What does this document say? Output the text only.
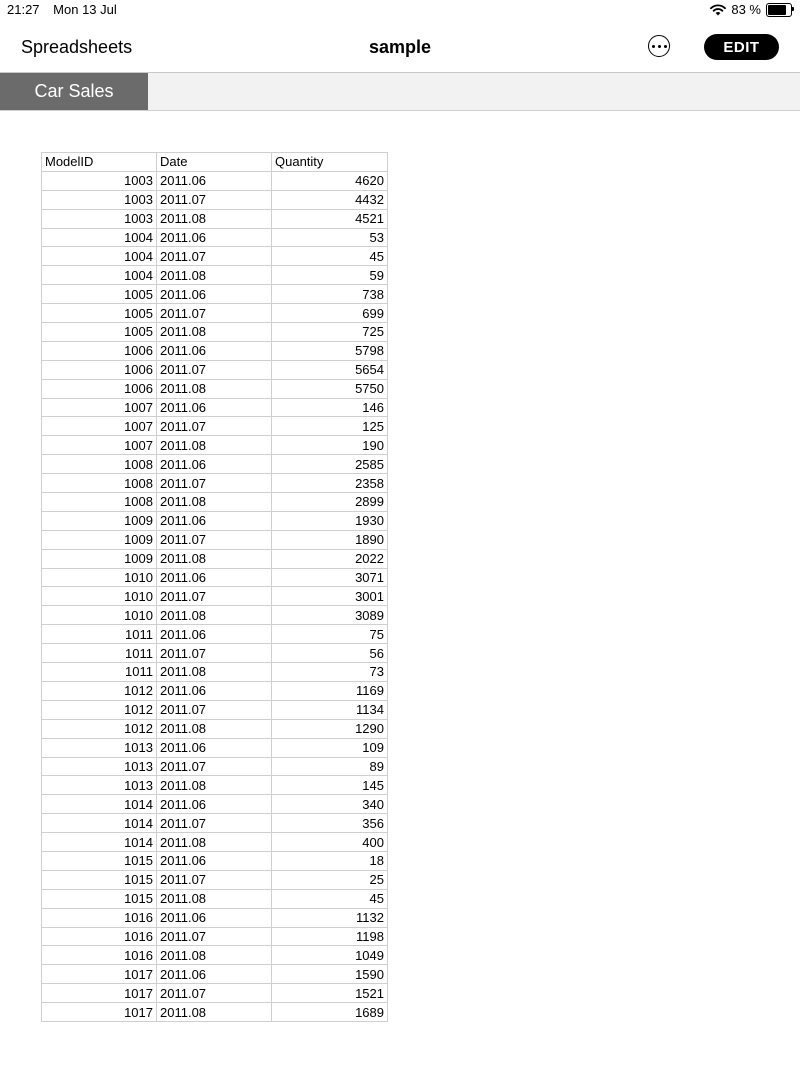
21:27 Mon 13 Jul	83 %
Spreadsheets	sample	EDIT
Car Sales
ModelID	Date	Quantity
1003	2011.06	4620
1003	2011.07	4432
1003	2011.08	4521
1004	2011.06	53
1004	2011.07	45
1004	2011.08	59
1005	2011.06	738
1005	2011.07	699
1005	2011.08	725
1006	2011.06	5798
1006	2011.07	5654
1006	2011.08	5750
1007	2011.06	146
1007	2011.07	125
1007	2011.08	190
1008	2011.06	2585
1008	2011.07	2358
1008	2011.08	2899
1009	2011.06	1930
1009	2011.07	1890
1009	2011.08	2022
1010	2011.06	3071
1010	2011.07	3001
1010	2011.08	3089
1011	2011.06	75
1011	2011.07	56
1011	2011.08	73
1012	2011.06	1169
1012	2011.07	1134
1012	2011.08	1290
1013	2011.06	109
1013	2011.07	89
1013	2011.08	145
1014	2011.06	340
1014	2011.07	356
1014	2011.08	400
1015	2011.06	18
1015	2011.07	25
1015	2011.08	45
1016	2011.06	1132
1016	2011.07	1198
1016	2011.08	1049
1017	2011.06	1590
1017	2011.07	1521
1017	2011.08	1689
